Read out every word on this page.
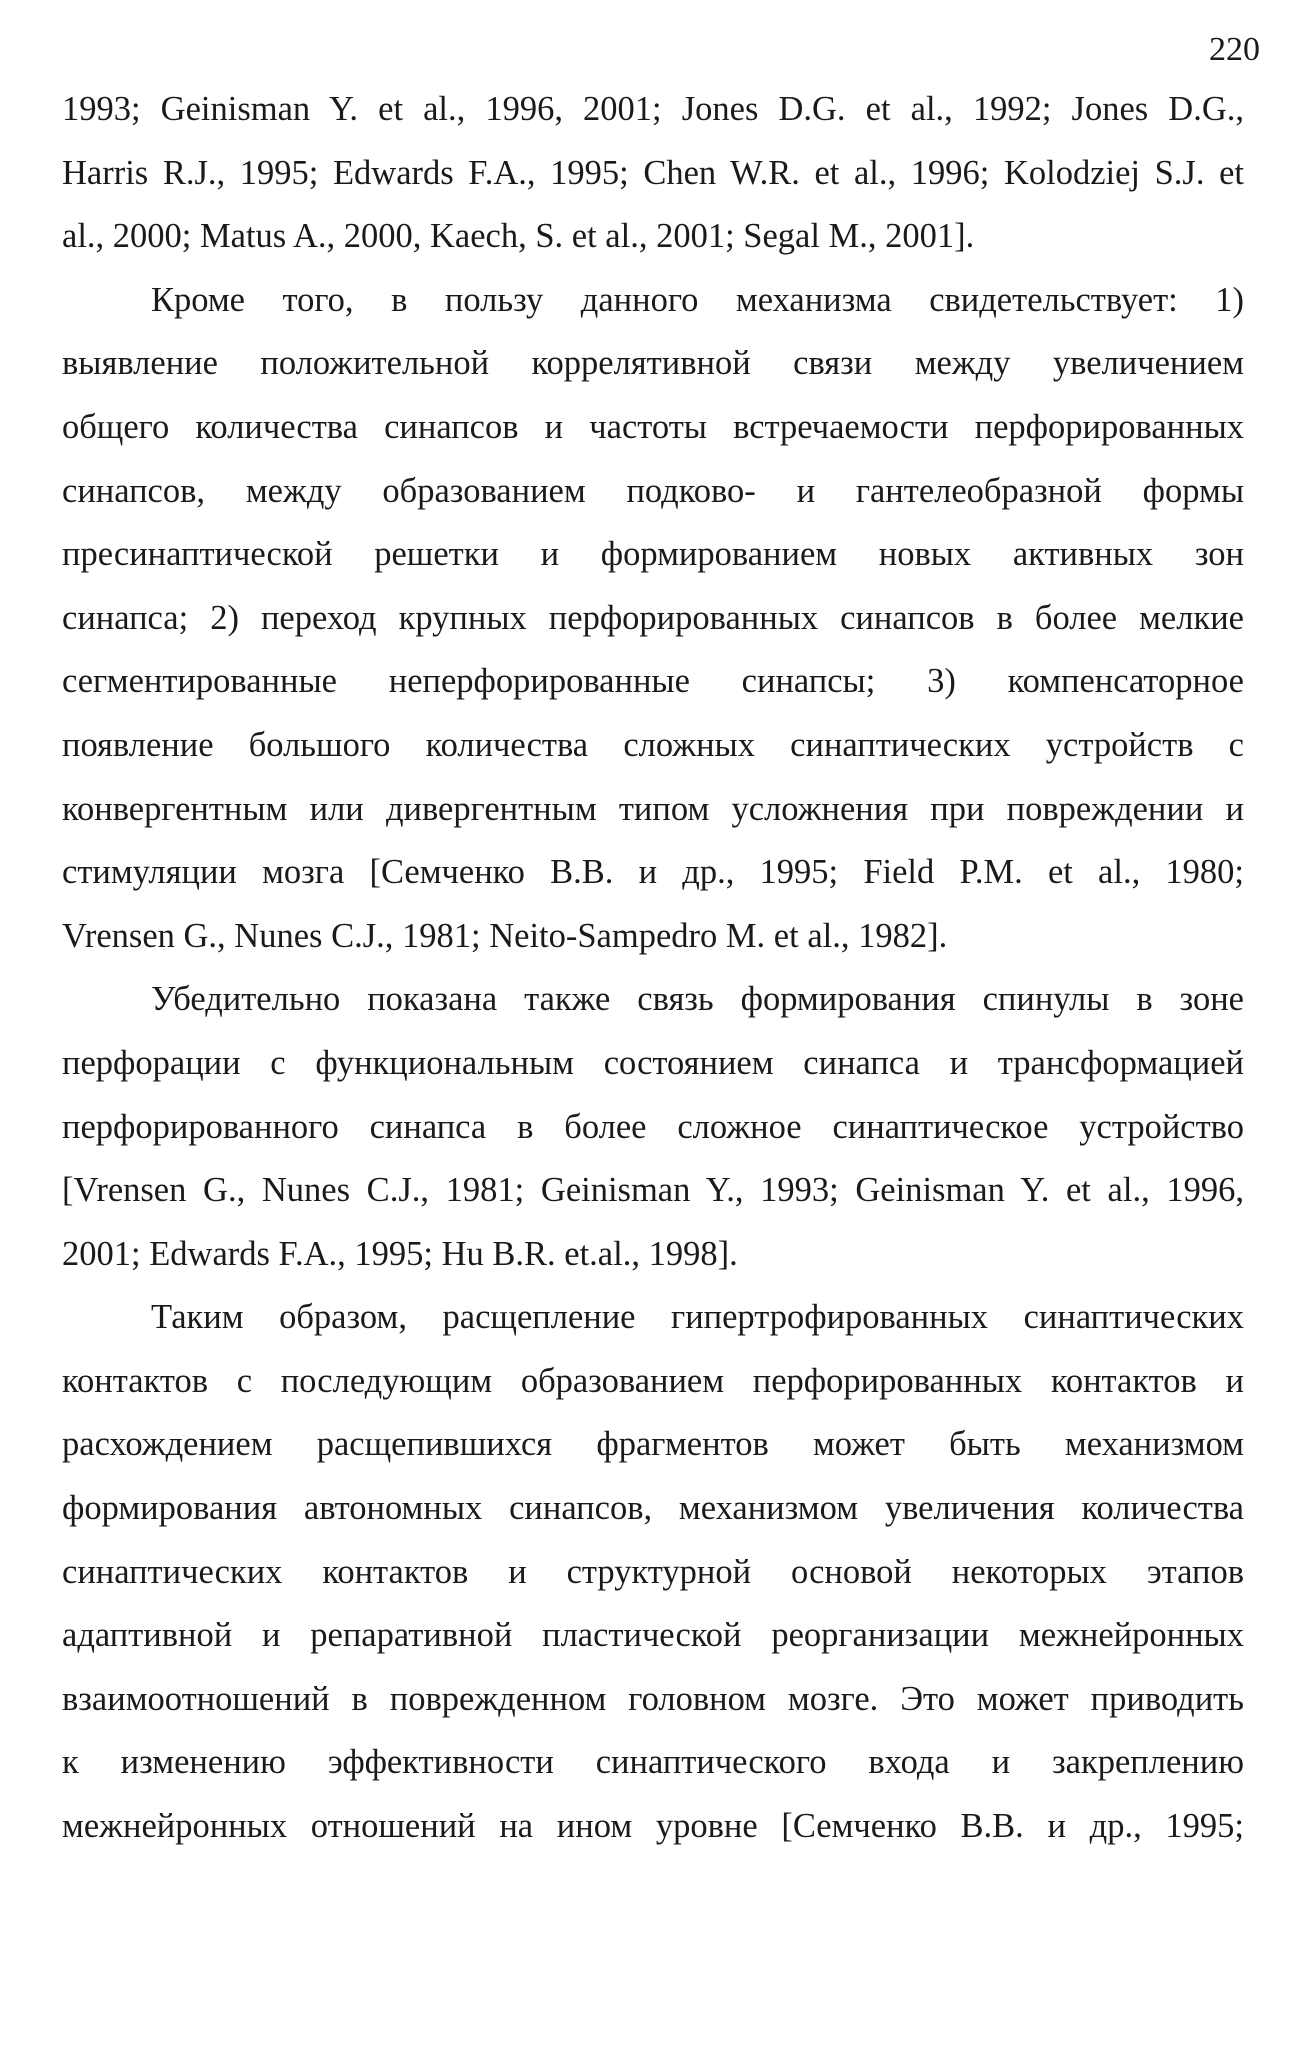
220

1993; Geinisman Y. et al., 1996, 2001; Jones D.G. et al., 1992; Jones D.G.,
Harris R.J., 1995; Edwards F.A., 1995; Chen W.R. et al., 1996; Kolodziej S.J. et
al., 2000; Matus A., 2000, Kaech, S. et al., 2001; Segal M., 2001].

Кроме того, в пользу данного механизма свидетельствует: 1)
выявление положительной коррелятивной связи между увеличением
общего количества синапсов и частоты встречаемости перфорированных
синапсов, между образованием подково- и гантелеобразной формы
пресинаптической решетки и формированием новых активных зон
синапса; 2) переход крупных перфорированных синапсов в более мелкие
сегментированные неперфорированные синапсы; 3) компенсаторное
появление большого количества сложных синаптических устройств с
конвергентным или дивергентным типом усложнения при повреждении и
стимуляции мозга [Семченко В.В. и др., 1995; Field P.M. et al., 1980;
Vrensen G., Nunes C.J., 1981; Neito-Sampedro M. et al., 1982].

Убедительно показана также связь формирования спинулы в зоне
перфорации с функциональным состоянием синапса и трансформацией
перфорированного синапса в более сложное синаптическое устройство
[Vrensen G., Nunes C.J., 1981; Geinisman Y., 1993; Geinisman Y. et al., 1996,
2001; Edwards F.A., 1995; Hu B.R. et.al., 1998].

Таким образом, расщепление гипертрофированных синаптических
контактов с последующим образованием перфорированных контактов и
расхождением расщепившихся фрагментов может быть механизмом
формирования автономных синапсов, механизмом увеличения количества
синаптических контактов и структурной основой некоторых этапов
адаптивной и репаративной пластической реорганизации межнейронных
взаимоотношений в поврежденном головном мозге. Это может приводить
к изменению эффективности синаптического входа и закреплению
межнейронных отношений на ином уровне [Семченко В.В. и др., 1995;
